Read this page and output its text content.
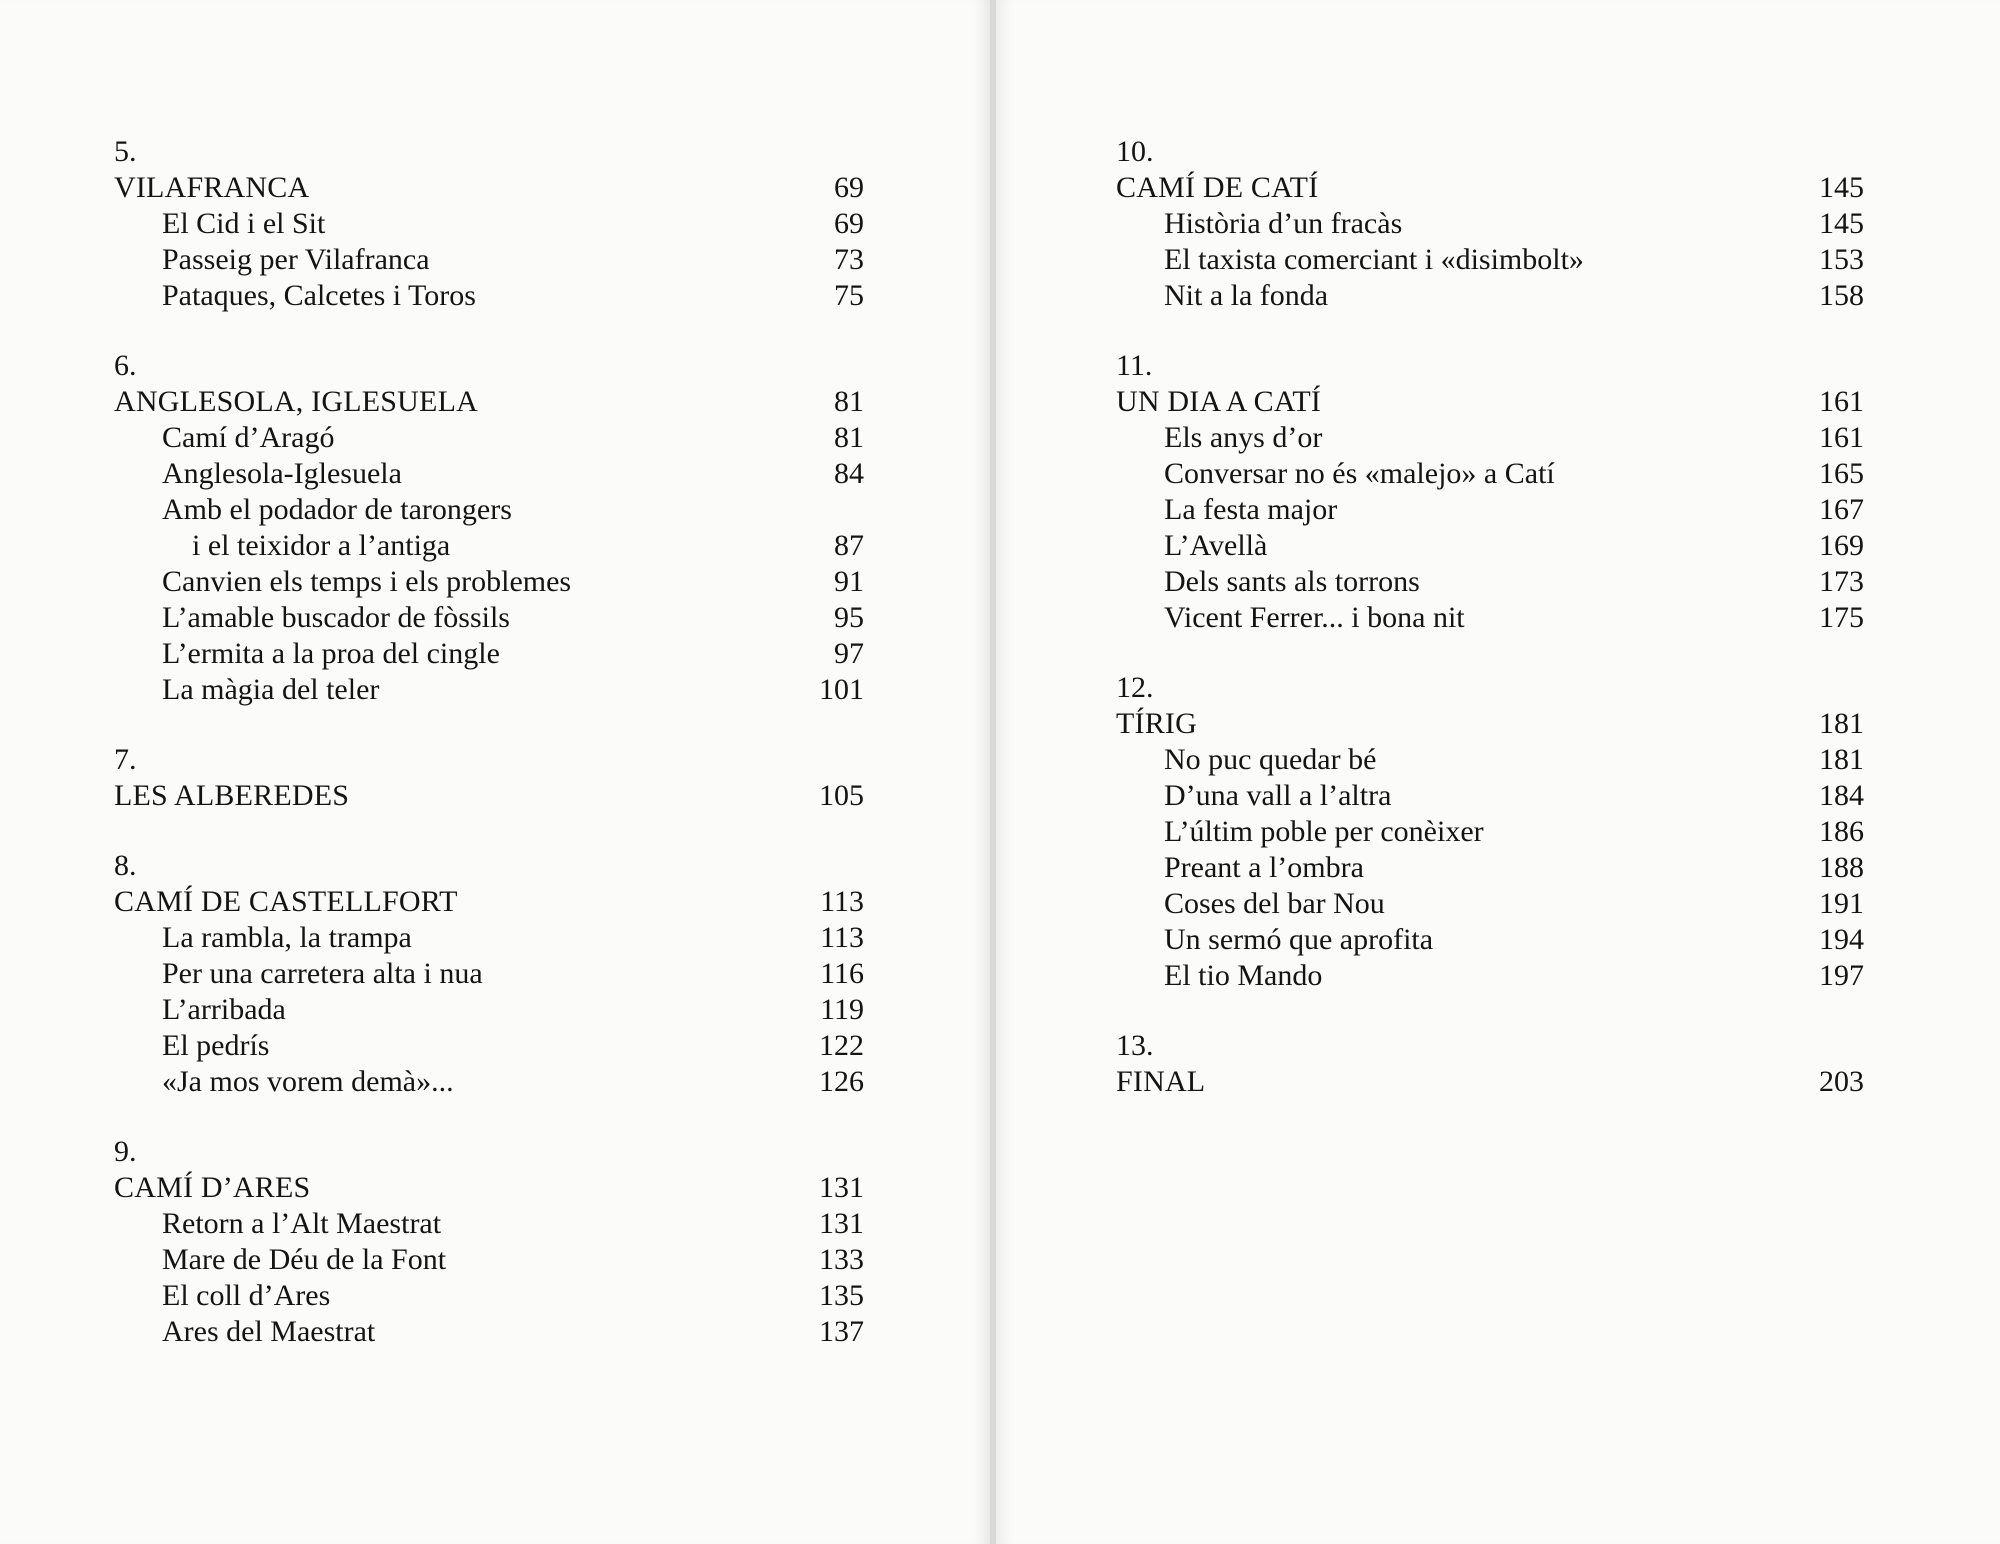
5.
VILAFRANCA	69
El Cid i el Sit	69
Passeig per Vilafranca	73
Pataques, Calcetes i Toros	75
6.
ANGLESOLA, IGLESUELA	81
Camí d’Aragó	81
Anglesola-Iglesuela	84
Amb el podador de tarongers
i el teixidor a l’antiga	87
Canvien els temps i els problemes	91
L’amable buscador de fòssils	95
L’ermita a la proa del cingle	97
La màgia del teler	101
7.
LES ALBEREDES	105
8.
CAMÍ DE CASTELLFORT	113
La rambla, la trampa	113
Per una carretera alta i nua	116
L’arribada	119
El pedrís	122
«Ja mos vorem demà»...	126
9.
CAMÍ D’ARES	131
Retorn a l’Alt Maestrat	131
Mare de Déu de la Font	133
El coll d’Ares	135
Ares del Maestrat	137
10.
CAMÍ DE CATÍ	145
Història d’un fracàs	145
El taxista comerciant i «disimbolt»	153
Nit a la fonda	158
11.
UN DIA A CATÍ	161
Els anys d’or	161
Conversar no és «malejo» a Catí	165
La festa major	167
L’Avellà	169
Dels sants als torrons	173
Vicent Ferrer... i bona nit	175
12.
TÍRIG	181
No puc quedar bé	181
D’una vall a l’altra	184
L’últim poble per conèixer	186
Preant a l’ombra	188
Coses del bar Nou	191
Un sermó que aprofita	194
El tio Mando	197
13.
FINAL	203
